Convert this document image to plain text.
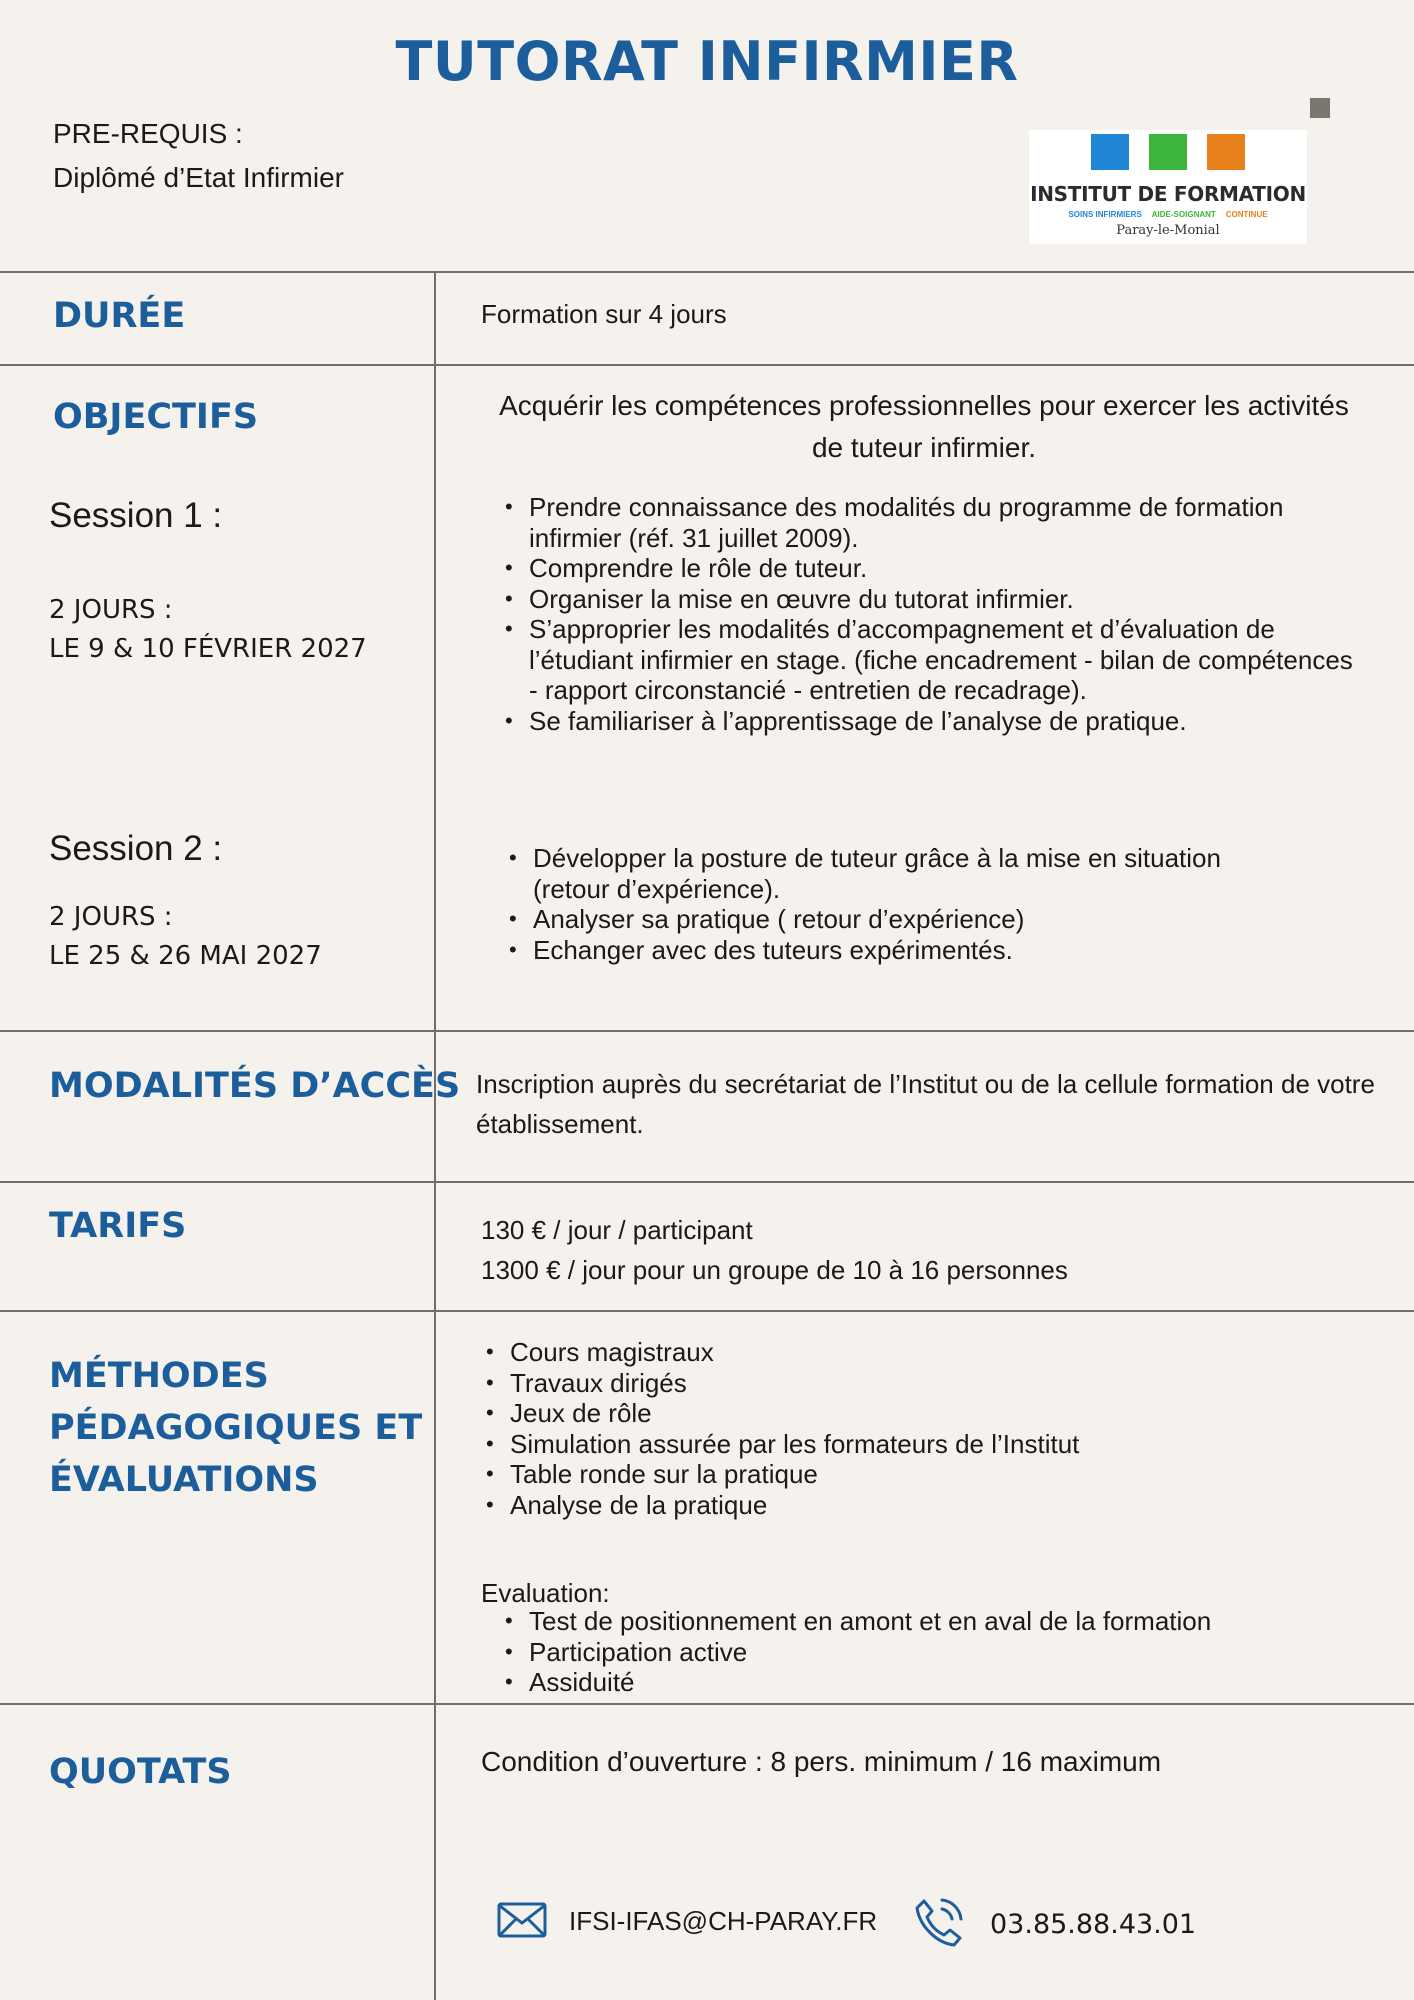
TUTORAT INFIRMIER
PRE-REQUIS :
Diplômé d’Etat Infirmier
INSTITUT DE FORMATION
SOINS INFIRMIERS AIDE-SOIGNANT CONTINUE
Paray-le-Monial
DURÉE	Formation sur 4 jours
OBJECTIFS	Acquérir les compétences professionnelles pour exercer les activités
de tuteur infirmier.
Session 1 :
2 JOURS :
LE 9 & 10 FÉVRIER 2027
• Prendre connaissance des modalités du programme de formation
infirmier (réf. 31 juillet 2009).
• Comprendre le rôle de tuteur.
• Organiser la mise en œuvre du tutorat infirmier.
• S’approprier les modalités d’accompagnement et d’évaluation de
l’étudiant infirmier en stage. (fiche encadrement - bilan de compétences
- rapport circonstancié - entretien de recadrage).
• Se familiariser à l’apprentissage de l’analyse de pratique.
Session 2 :
2 JOURS :
LE 25 & 26 MAI 2027
• Développer la posture de tuteur grâce à la mise en situation
(retour d’expérience).
• Analyser sa pratique ( retour d’expérience)
• Echanger avec des tuteurs expérimentés.
MODALITÉS D’ACCÈS Inscription auprès du secrétariat de l’Institut ou de la cellule formation de votre
établissement.
TARIFS	130 € / jour / participant
1300 € / jour pour un groupe de 10 à 16 personnes
MÉTHODES
PÉDAGOGIQUES ET
ÉVALUATIONS
• Cours magistraux
• Travaux dirigés
• Jeux de rôle
• Simulation assurée par les formateurs de l’Institut
• Table ronde sur la pratique
• Analyse de la pratique
Evaluation:
• Test de positionnement en amont et en aval de la formation
• Participation active
• Assiduité
QUOTATS	Condition d’ouverture : 8 pers. minimum / 16 maximum
IFSI-IFAS@CH-PARAY.FR	03.85.88.43.01
